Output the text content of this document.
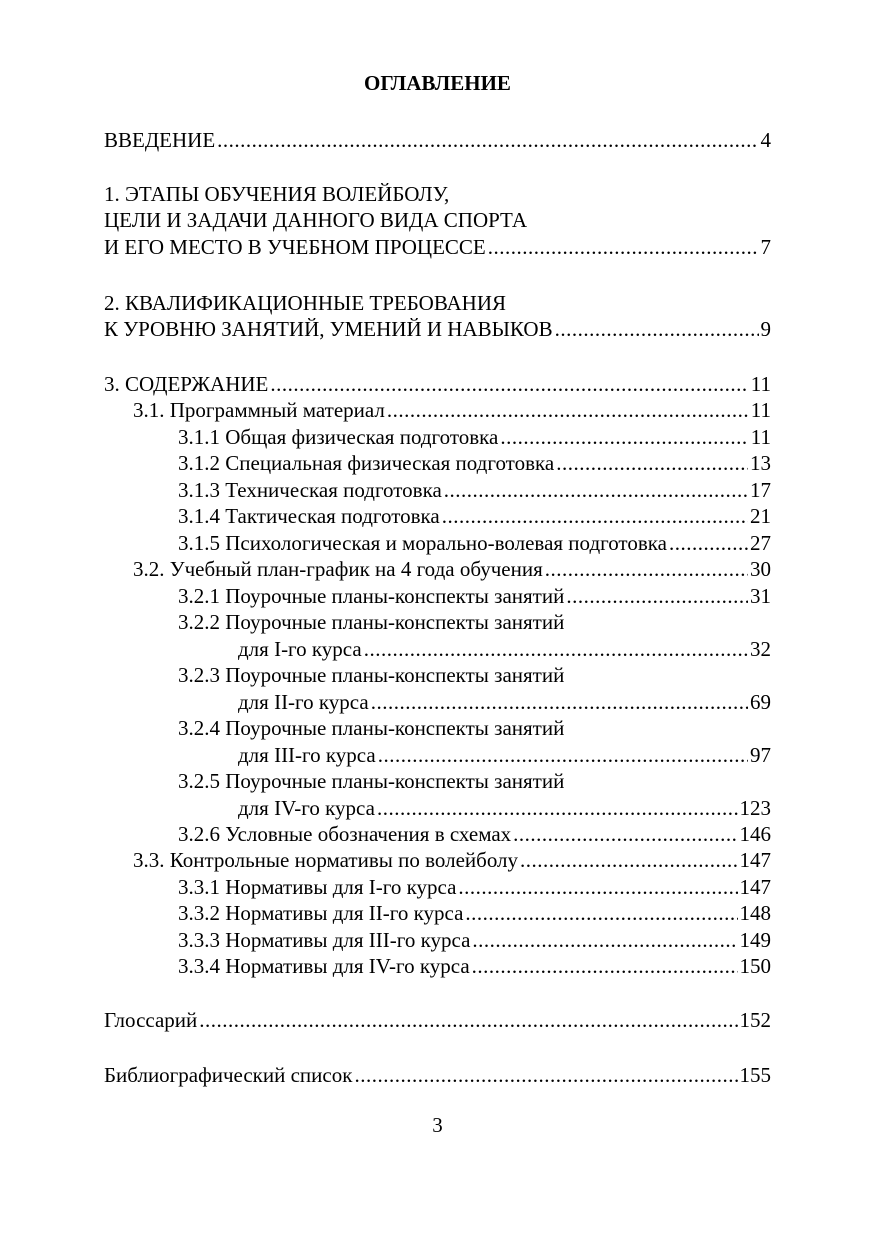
ОГЛАВЛЕНИЕ
ВВЕДЕНИЕ .....	4
1. ЭТАПЫ ОБУЧЕНИЯ ВОЛЕЙБОЛУ,
ЦЕЛИ И ЗАДАЧИ ДАННОГО ВИДА СПОРТА
И ЕГО МЕСТО В УЧЕБНОМ ПРОЦЕССЕ .....	7
2. КВАЛИФИКАЦИОННЫЕ ТРЕБОВАНИЯ
К УРОВНЮ ЗАНЯТИЙ, УМЕНИЙ И НАВЫКОВ .....	9
3. СОДЕРЖАНИЕ .....	11
3.1. Программный материал .....	11
3.1.1 Общая физическая подготовка .....	11
3.1.2 Специальная физическая подготовка .....	13
3.1.3 Техническая подготовка .....	17
3.1.4 Тактическая подготовка .....	21
3.1.5 Психологическая и морально-волевая подготовка .....	27
3.2. Учебный план-график на 4 года обучения .....	30
3.2.1 Поурочные планы-конспекты занятий .....	31
3.2.2 Поурочные планы-конспекты занятий
для I-го курса .....	32
3.2.3 Поурочные планы-конспекты занятий
для II-го курса .....	69
3.2.4 Поурочные планы-конспекты занятий
для III-го курса .....	97
3.2.5 Поурочные планы-конспекты занятий
для IV-го курса .....	123
3.2.6 Условные обозначения в схемах .....	146
3.3. Контрольные нормативы по волейболу .....	147
3.3.1 Нормативы для I-го курса .....	147
3.3.2 Нормативы для II-го курса .....	148
3.3.3 Нормативы для III-го курса .....	149
3.3.4 Нормативы для IV-го курса .....	150
Глоссарий .....	152
Библиографический список .....	155
3
